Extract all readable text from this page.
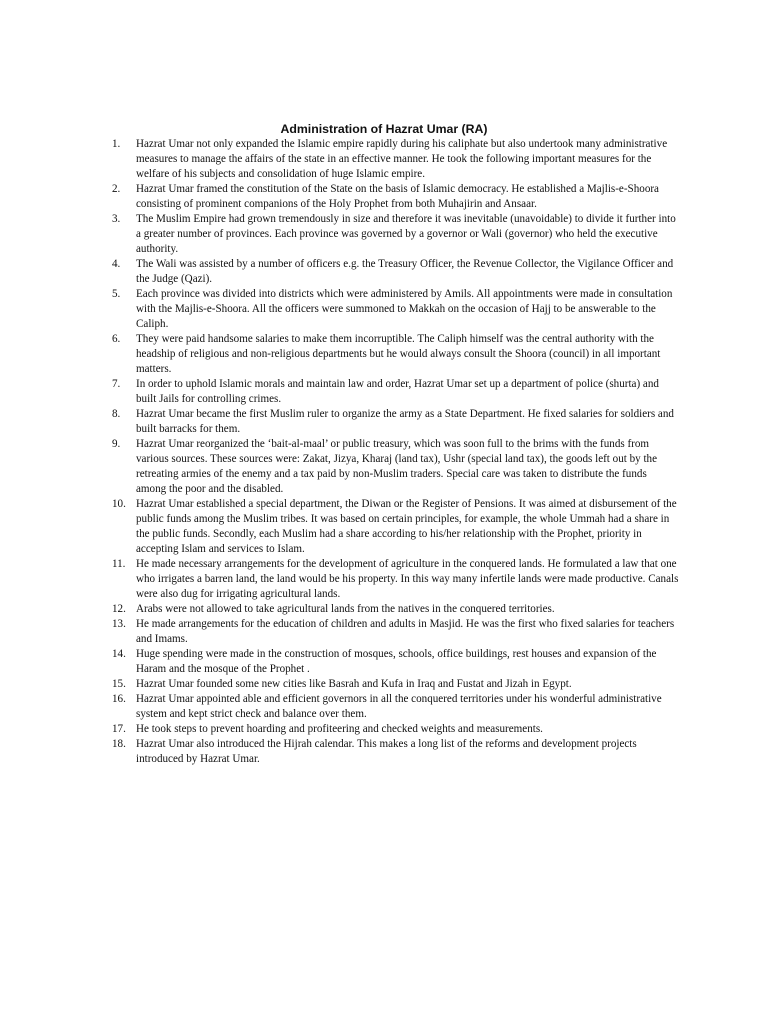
Administration of Hazrat Umar (RA)
1.	Hazrat Umar not only expanded the Islamic empire rapidly during his caliphate but also undertook many administrative measures to manage the affairs of the state in an effective manner. He took the following important measures for the welfare of his subjects and consolidation of huge Islamic empire.
2.	Hazrat Umar framed the constitution of the State on the basis of Islamic democracy. He established a Majlis-e-Shoora consisting of prominent companions of the Holy Prophet from both Muhajirin and Ansaar.
3.	The Muslim Empire had grown tremendously in size and therefore it was inevitable (unavoidable) to divide it further into a greater number of provinces. Each province was governed by a governor or Wali (governor) who held the executive authority.
4.	The Wali was assisted by a number of officers e.g. the Treasury Officer, the Revenue Collector, the Vigilance Officer and the Judge (Qazi).
5.	Each province was divided into districts which were administered by Amils. All appointments were made in consultation with the Majlis-e-Shoora. All the officers were summoned to Makkah on the occasion of Hajj to be answerable to the Caliph.
6.	They were paid handsome salaries to make them incorruptible. The Caliph himself was the central authority with the headship of religious and non-religious departments but he would always consult the Shoora (council) in all important matters.
7.	In order to uphold Islamic morals and maintain law and order, Hazrat Umar set up a department of police (shurta) and built Jails for controlling crimes.
8.	Hazrat Umar became the first Muslim ruler to organize the army as a State Department. He fixed salaries for soldiers and built barracks for them.
9.	Hazrat Umar reorganized the ‘bait-al-maal’ or public treasury, which was soon full to the brims with the funds from various sources. These sources were: Zakat, Jizya, Kharaj (land tax), Ushr (special land tax), the goods left out by the retreating armies of the enemy and a tax paid by non-Muslim traders. Special care was taken to distribute the funds among the poor and the disabled.
10. Hazrat Umar established a special department, the Diwan or the Register of Pensions. It was aimed at disbursement of the public funds among the Muslim tribes. It was based on certain principles, for example, the whole Ummah had a share in the public funds. Secondly, each Muslim had a share according to his/her relationship with the Prophet, priority in accepting Islam and services to Islam.
11. He made necessary arrangements for the development of agriculture in the conquered lands. He formulated a law that one who irrigates a barren land, the land would be his property. In this way many infertile lands were made productive. Canals were also dug for irrigating agricultural lands.
12. Arabs were not allowed to take agricultural lands from the natives in the conquered territories.
13. He made arrangements for the education of children and adults in Masjid. He was the first who fixed salaries for teachers and Imams.
14. Huge spending were made in the construction of mosques, schools, office buildings, rest houses and expansion of the Haram and the mosque of the Prophet .
15. Hazrat Umar founded some new cities like Basrah and Kufa in Iraq and Fustat and Jizah in Egypt.
16. Hazrat Umar appointed able and efficient governors in all the conquered territories under his wonderful administrative system and kept strict check and balance over them.
17. He took steps to prevent hoarding and profiteering and checked weights and measurements.
18. Hazrat Umar also introduced the Hijrah calendar. This makes a long list of the reforms and development projects introduced by Hazrat Umar.
